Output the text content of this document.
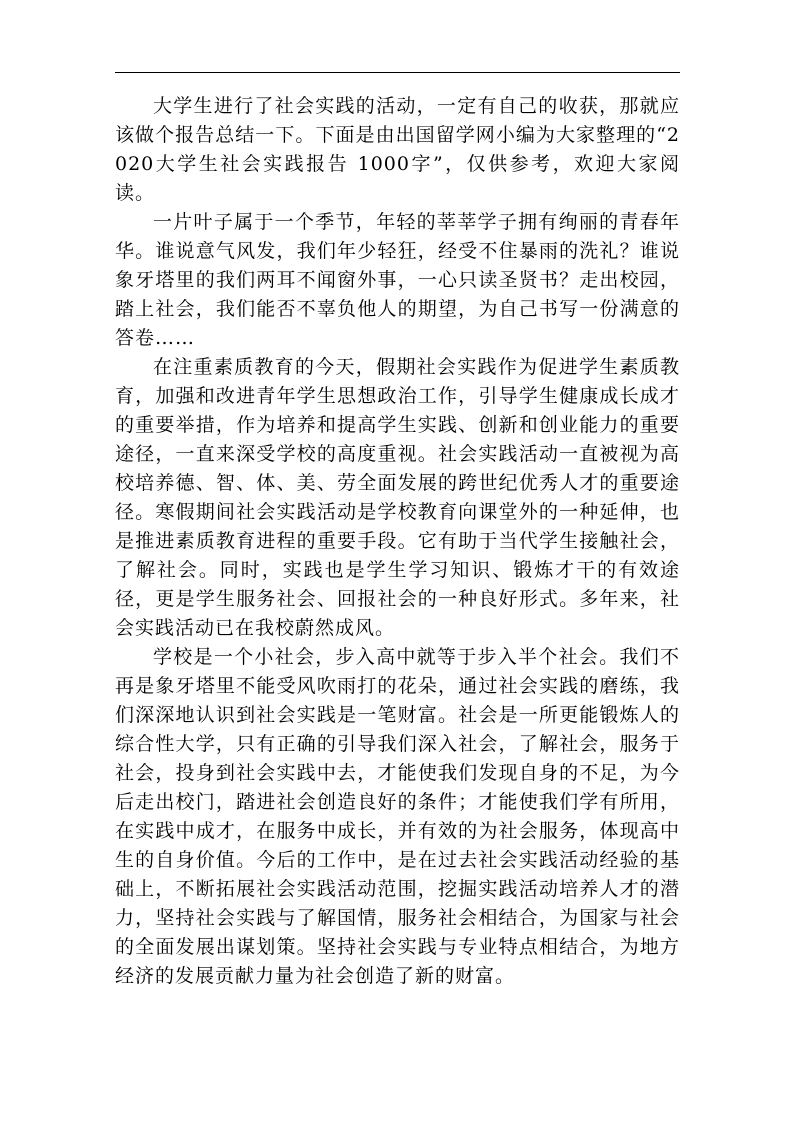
大学生进行了社会实践的活动，一定有自己的收获，那就应该做个报告总结一下。下面是由出国留学网小编为大家整理的“2020大学生社会实践报告 1000字”，仅供参考，欢迎大家阅读。

一片叶子属于一个季节，年轻的莘莘学子拥有绚丽的青春年华。谁说意气风发，我们年少轻狂，经受不住暴雨的洗礼？谁说象牙塔里的我们两耳不闻窗外事，一心只读圣贤书？走出校园，踏上社会，我们能否不辜负他人的期望，为自己书写一份满意的答卷……

在注重素质教育的今天，假期社会实践作为促进学生素质教育，加强和改进青年学生思想政治工作，引导学生健康成长成才的重要举措，作为培养和提高学生实践、创新和创业能力的重要途径，一直来深受学校的高度重视。社会实践活动一直被视为高校培养德、智、体、美、劳全面发展的跨世纪优秀人才的重要途径。寒假期间社会实践活动是学校教育向课堂外的一种延伸，也是推进素质教育进程的重要手段。它有助于当代学生接触社会，了解社会。同时，实践也是学生学习知识、锻炼才干的有效途径，更是学生服务社会、回报社会的一种良好形式。多年来，社会实践活动已在我校蔚然成风。

学校是一个小社会，步入高中就等于步入半个社会。我们不再是象牙塔里不能受风吹雨打的花朵，通过社会实践的磨练，我们深深地认识到社会实践是一笔财富。社会是一所更能锻炼人的综合性大学，只有正确的引导我们深入社会，了解社会，服务于社会，投身到社会实践中去，才能使我们发现自身的不足，为今后走出校门，踏进社会创造良好的条件；才能使我们学有所用，在实践中成才，在服务中成长，并有效的为社会服务，体现高中生的自身价值。今后的工作中，是在过去社会实践活动经验的基础上，不断拓展社会实践活动范围，挖掘实践活动培养人才的潜力，坚持社会实践与了解国情，服务社会相结合，为国家与社会的全面发展出谋划策。坚持社会实践与专业特点相结合，为地方经济的发展贡献力量为社会创造了新的财富。
